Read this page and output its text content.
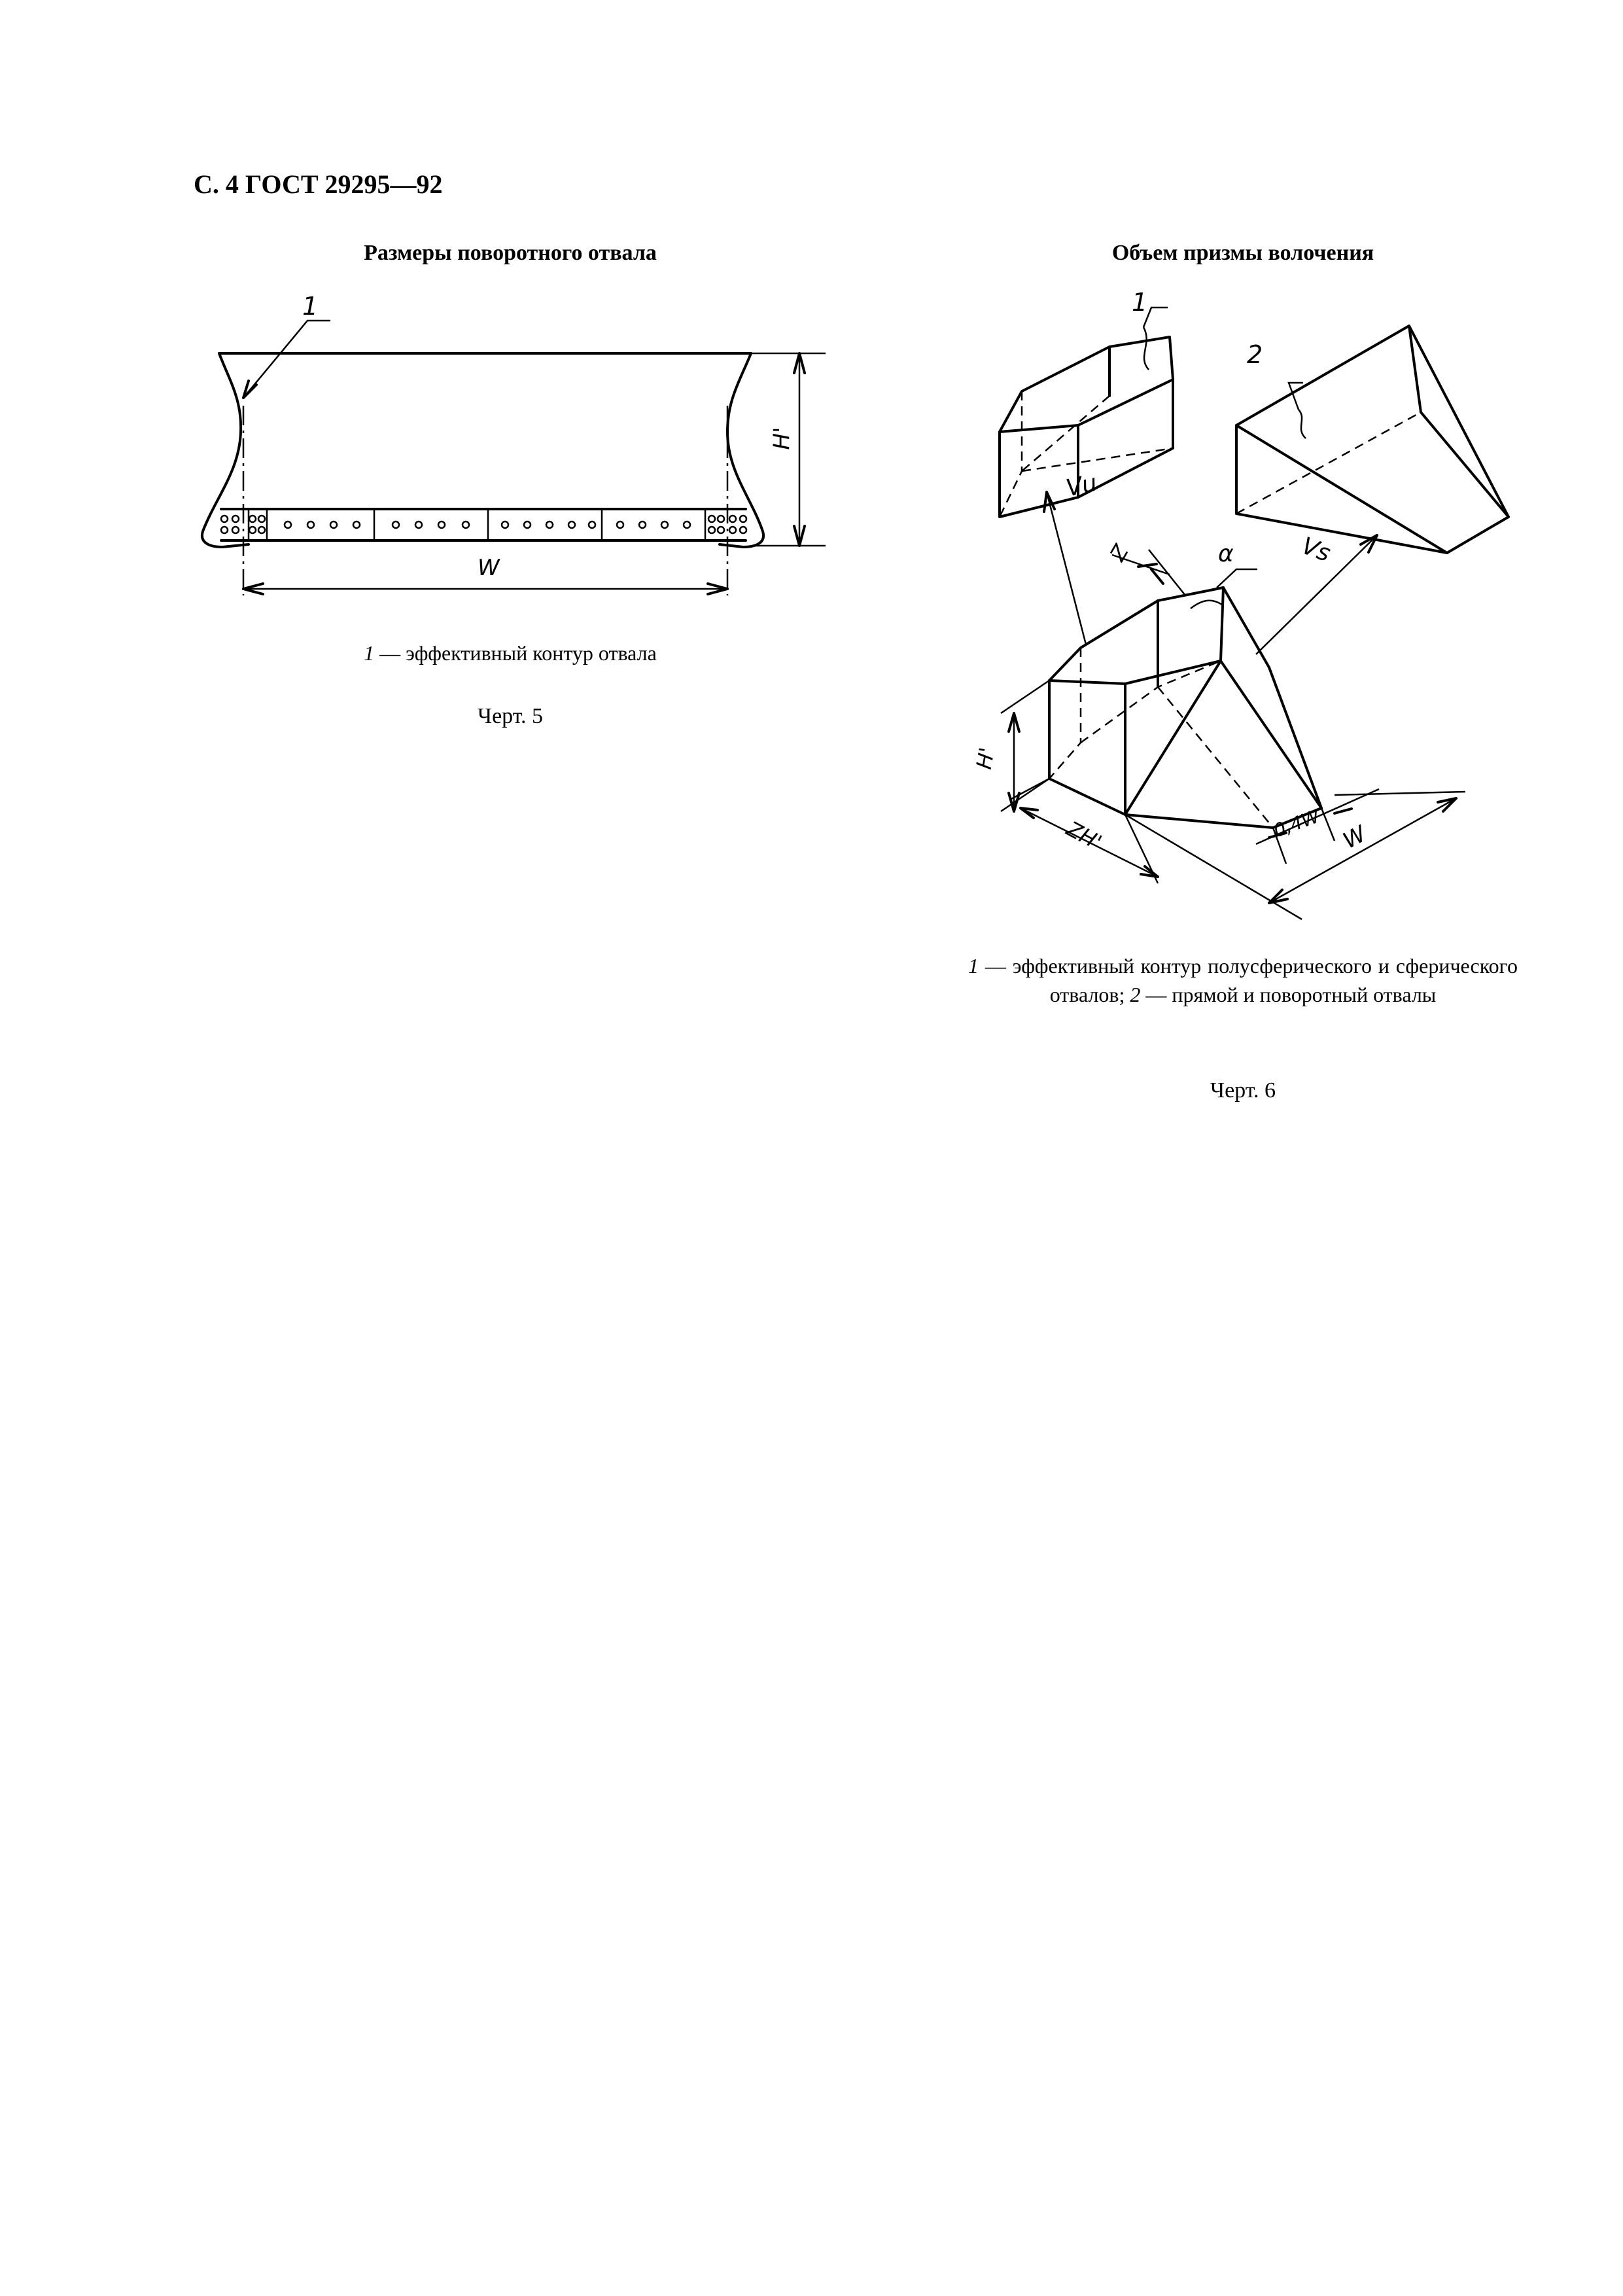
С. 4 ГОСТ 29295—92
Размеры поворотного отвала
1
H'
W
1 — эффективный контур отвала
Черт. 5
Объем призмы волочения
1
2
Vu
Vs
Z	α
H'
ZH'	0,4W W
1 — эффективный контур полусферического и сферического отвалов; 2 — прямой и поворотный отвалы
Черт. 6
